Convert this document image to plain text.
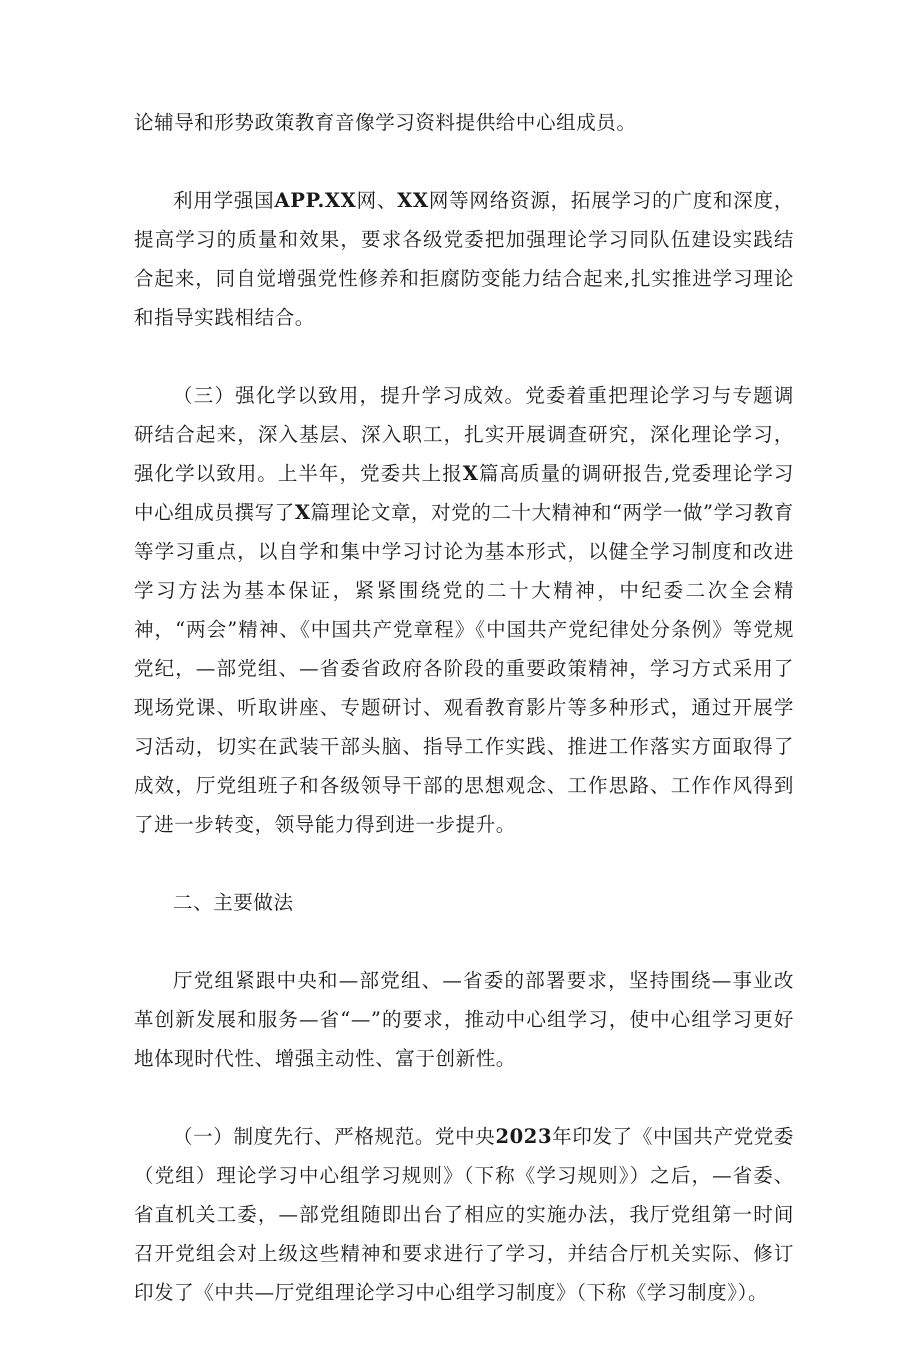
论辅导和形势政策教育音像学习资料提供给中心组成员。

利用学强国APP.XX网、XX网等网络资源，拓展学习的广度和深度，提高学习的质量和效果，要求各级党委把加强理论学习同队伍建设实践结合起来，同自觉增强党性修养和拒腐防变能力结合起来,扎实推进学习理论和指导实践相结合。

（三）强化学以致用，提升学习成效。党委着重把理论学习与专题调研结合起来，深入基层、深入职工，扎实开展调查研究，深化理论学习，强化学以致用。上半年，党委共上报X篇高质量的调研报告,党委理论学习中心组成员撰写了X篇理论文章，对党的二十大精神和“两学一做”学习教育等学习重点，以自学和集中学习讨论为基本形式，以健全学习制度和改进学习方法为基本保证，紧紧围绕党的二十大精神，中纪委二次全会精神，“两会”精神、《中国共产党章程》《中国共产党纪律处分条例》等党规党纪，—部党组、—省委省政府各阶段的重要政策精神，学习方式采用了现场党课、听取讲座、专题研讨、观看教育影片等多种形式，通过开展学习活动，切实在武装干部头脑、指导工作实践、推进工作落实方面取得了成效，厅党组班子和各级领导干部的思想观念、工作思路、工作作风得到了进一步转变，领导能力得到进一步提升。

二、主要做法

厅党组紧跟中央和—部党组、—省委的部署要求，坚持围绕—事业改革创新发展和服务—省“—”的要求，推动中心组学习，使中心组学习更好地体现时代性、增强主动性、富于创新性。

（一）制度先行、严格规范。党中央2023年印发了《中国共产党党委（党组）理论学习中心组学习规则》（下称《学习规则》）之后，—省委、省直机关工委，—部党组随即出台了相应的实施办法，我厅党组第一时间召开党组会对上级这些精神和要求进行了学习，并结合厅机关实际、修订印发了《中共—厅党组理论学习中心组学习制度》（下称《学习制度》）。
